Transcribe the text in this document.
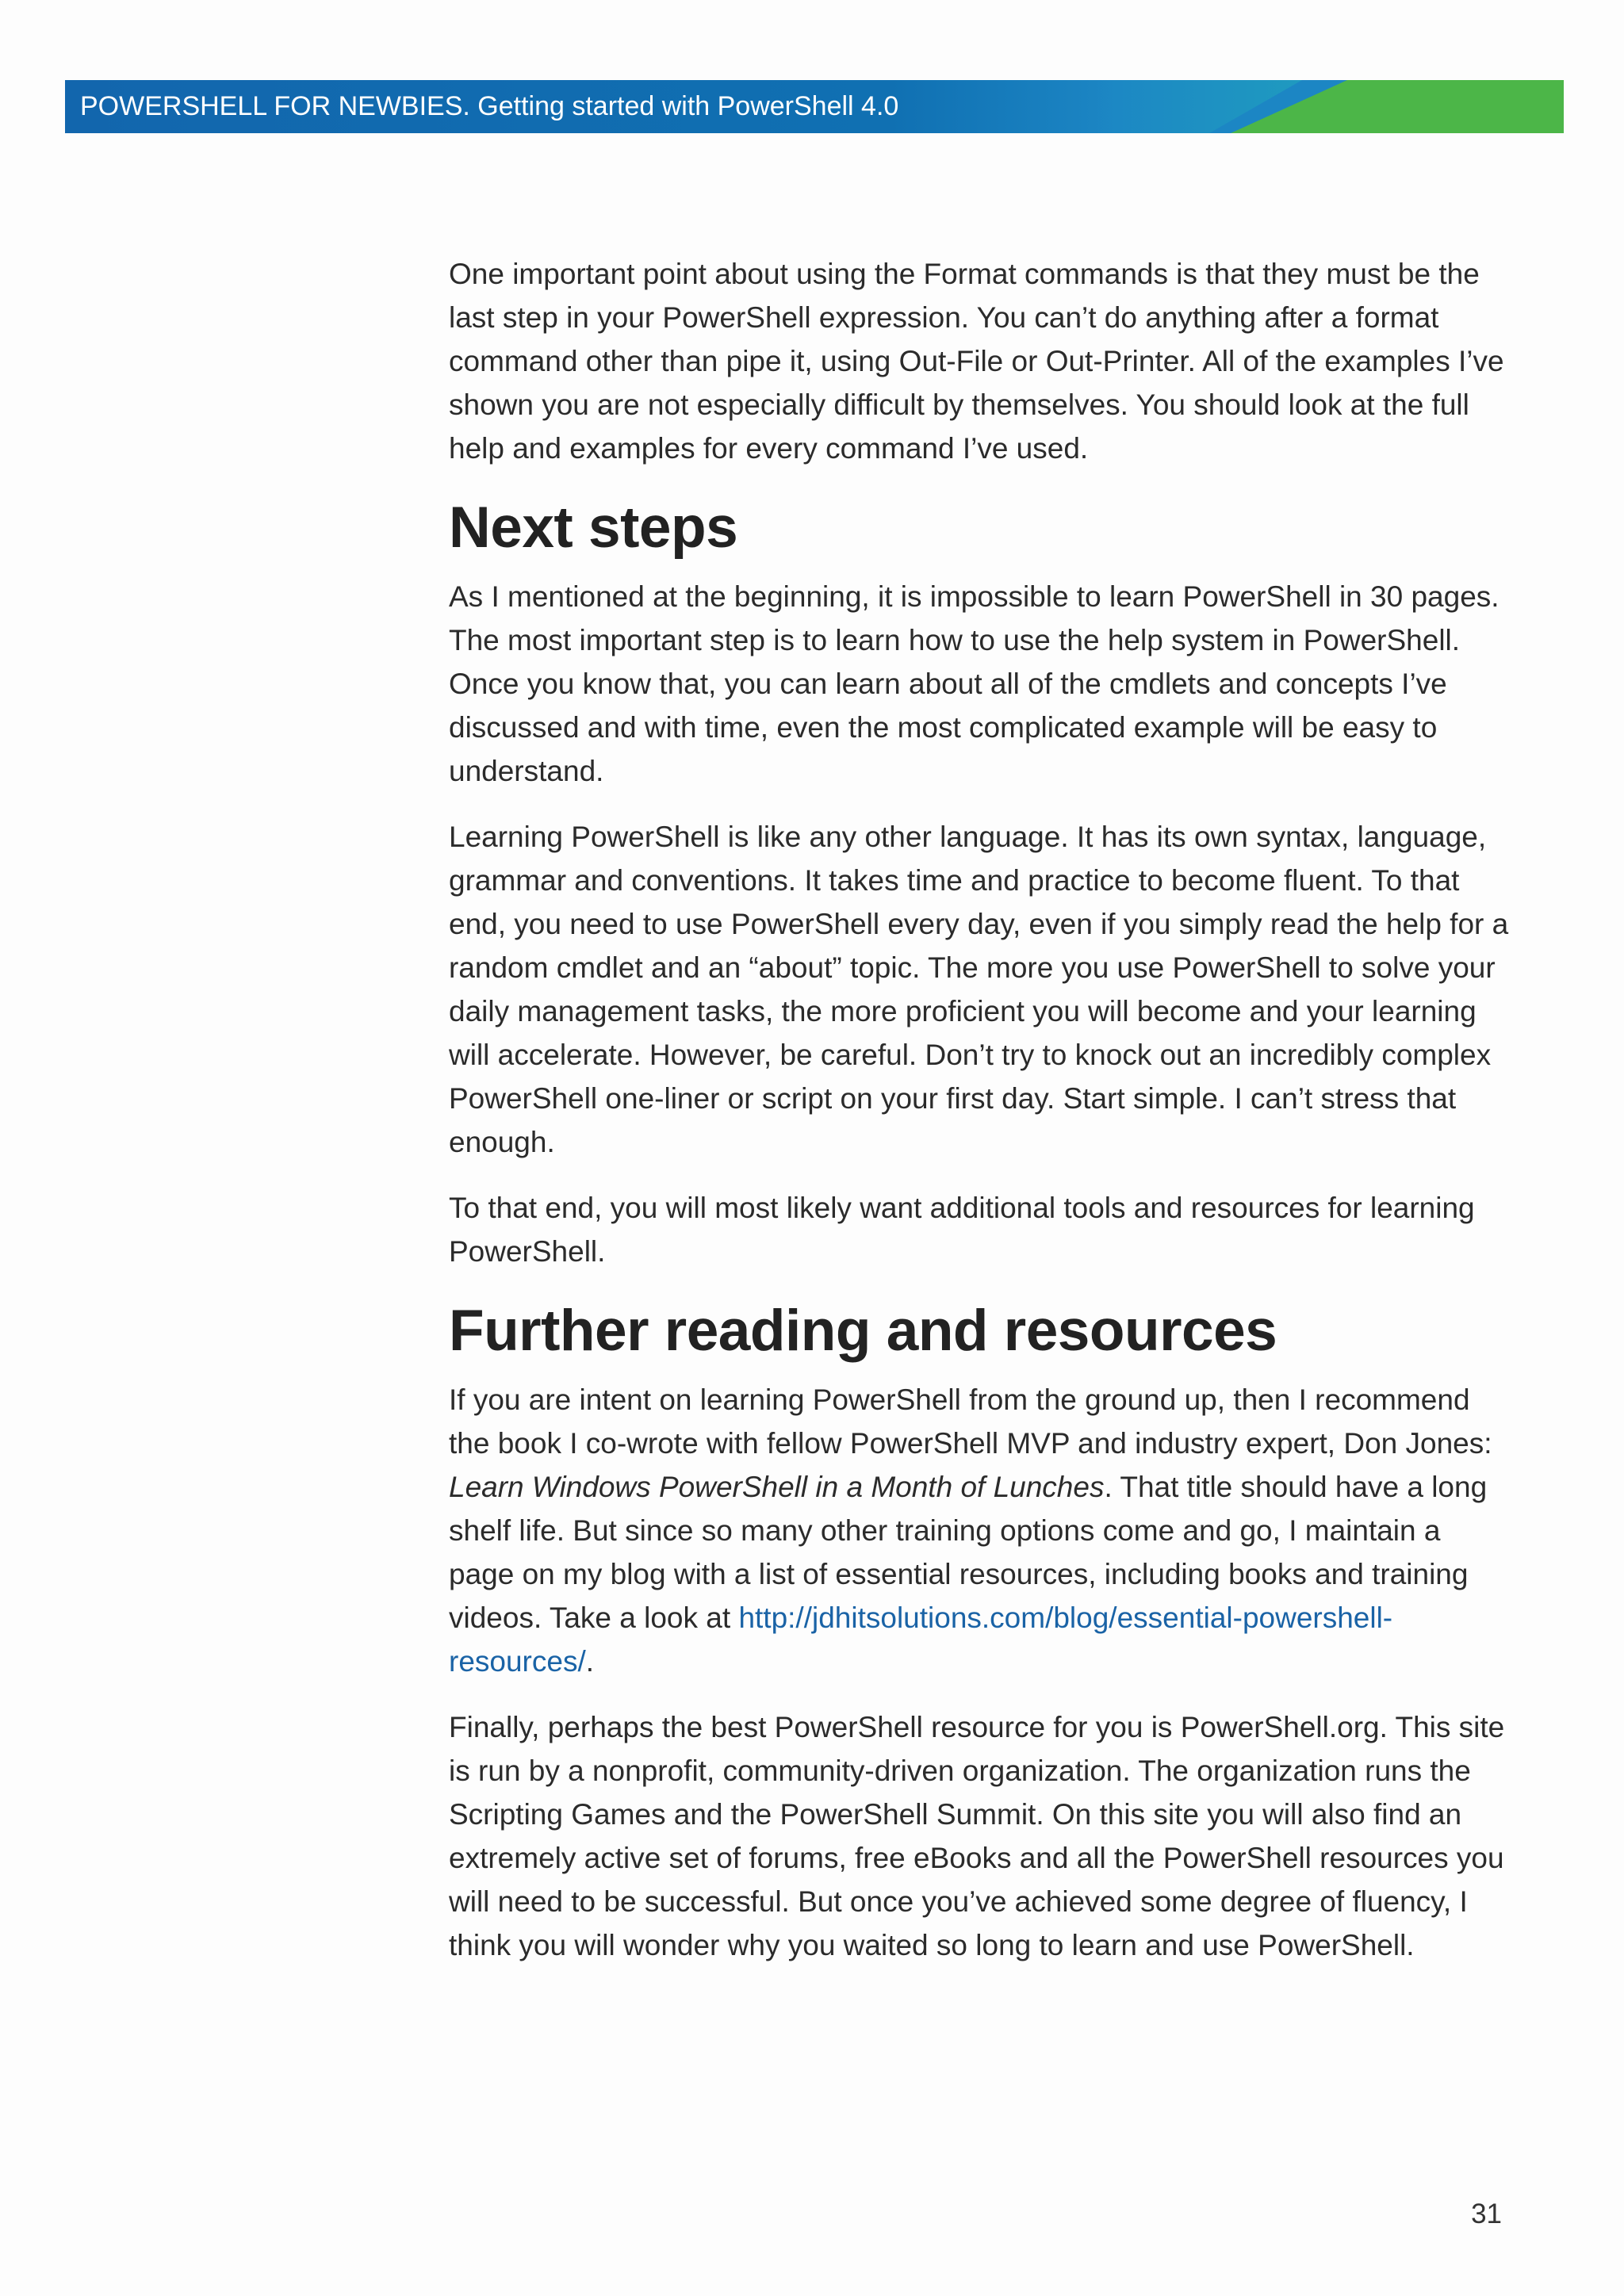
POWERSHELL FOR NEWBIES. Getting started with PowerShell 4.0

One important point about using the Format commands is that they must be the last step in your PowerShell expression. You can’t do anything after a format command other than pipe it, using Out-File or Out-Printer. All of the examples I’ve shown you are not especially difficult by themselves. You should look at the full help and examples for every command I’ve used.

Next steps

As I mentioned at the beginning, it is impossible to learn PowerShell in 30 pages. The most important step is to learn how to use the help system in PowerShell. Once you know that, you can learn about all of the cmdlets and concepts I’ve discussed and with time, even the most complicated example will be easy to understand.

Learning PowerShell is like any other language. It has its own syntax, language, grammar and conventions. It takes time and practice to become fluent. To that end, you need to use PowerShell every day, even if you simply read the help for a random cmdlet and an “about” topic. The more you use PowerShell to solve your daily management tasks, the more proficient you will become and your learning will accelerate. However, be careful. Don’t try to knock out an incredibly complex PowerShell one-liner or script on your first day. Start simple. I can’t stress that enough.

To that end, you will most likely want additional tools and resources for learning PowerShell.

Further reading and resources

If you are intent on learning PowerShell from the ground up, then I recommend the book I co-wrote with fellow PowerShell MVP and industry expert, Don Jones: Learn Windows PowerShell in a Month of Lunches. That title should have a long shelf life. But since so many other training options come and go, I maintain a page on my blog with a list of essential resources, including books and training videos. Take a look at http://jdhitsolutions.com/blog/essential-powershell-resources/.

Finally, perhaps the best PowerShell resource for you is PowerShell.org. This site is run by a nonprofit, community-driven organization. The organization runs the Scripting Games and the PowerShell Summit. On this site you will also find an extremely active set of forums, free eBooks and all the PowerShell resources you will need to be successful. But once you’ve achieved some degree of fluency, I think you will wonder why you waited so long to learn and use PowerShell.

31
